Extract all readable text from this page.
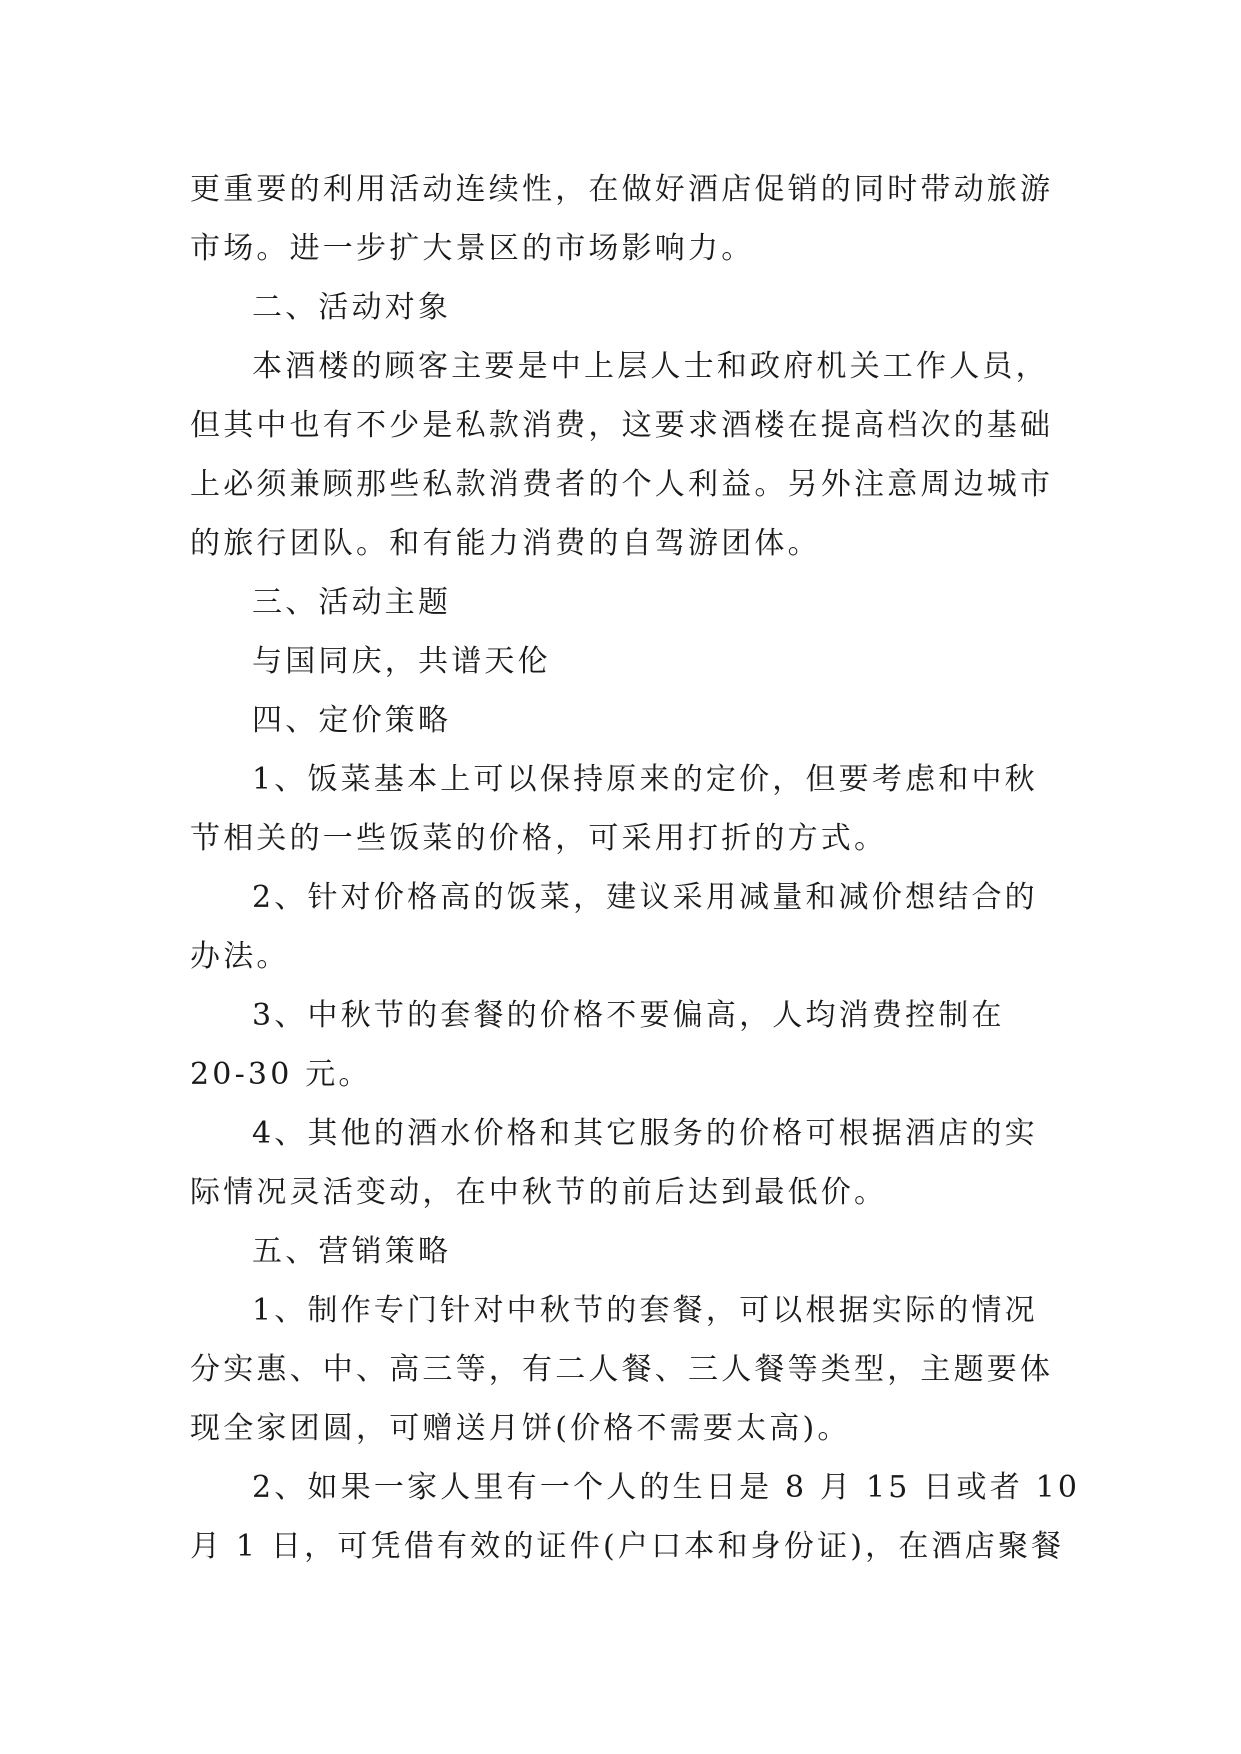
更重要的利用活动连续性，在做好酒店促销的同时带动旅游
市场。进一步扩大景区的市场影响力。
二、活动对象
本酒楼的顾客主要是中上层人士和政府机关工作人员，
但其中也有不少是私款消费，这要求酒楼在提高档次的基础
上必须兼顾那些私款消费者的个人利益。另外注意周边城市
的旅行团队。和有能力消费的自驾游团体。
三、活动主题
与国同庆，共谱天伦
四、定价策略
1、饭菜基本上可以保持原来的定价，但要考虑和中秋
节相关的一些饭菜的价格，可采用打折的方式。
2、针对价格高的饭菜，建议采用减量和减价想结合的
办法。
3、中秋节的套餐的价格不要偏高，人均消费控制在
20-30 元。
4、其他的酒水价格和其它服务的价格可根据酒店的实
际情况灵活变动，在中秋节的前后达到最低价。
五、营销策略
1、制作专门针对中秋节的套餐，可以根据实际的情况
分实惠、中、高三等，有二人餐、三人餐等类型，主题要体
现全家团圆，可赠送月饼(价格不需要太高)。
2、如果一家人里有一个人的生日是 8 月 15 日或者 10
月 1 日，可凭借有效的证件(户口本和身份证)，在酒店聚餐
